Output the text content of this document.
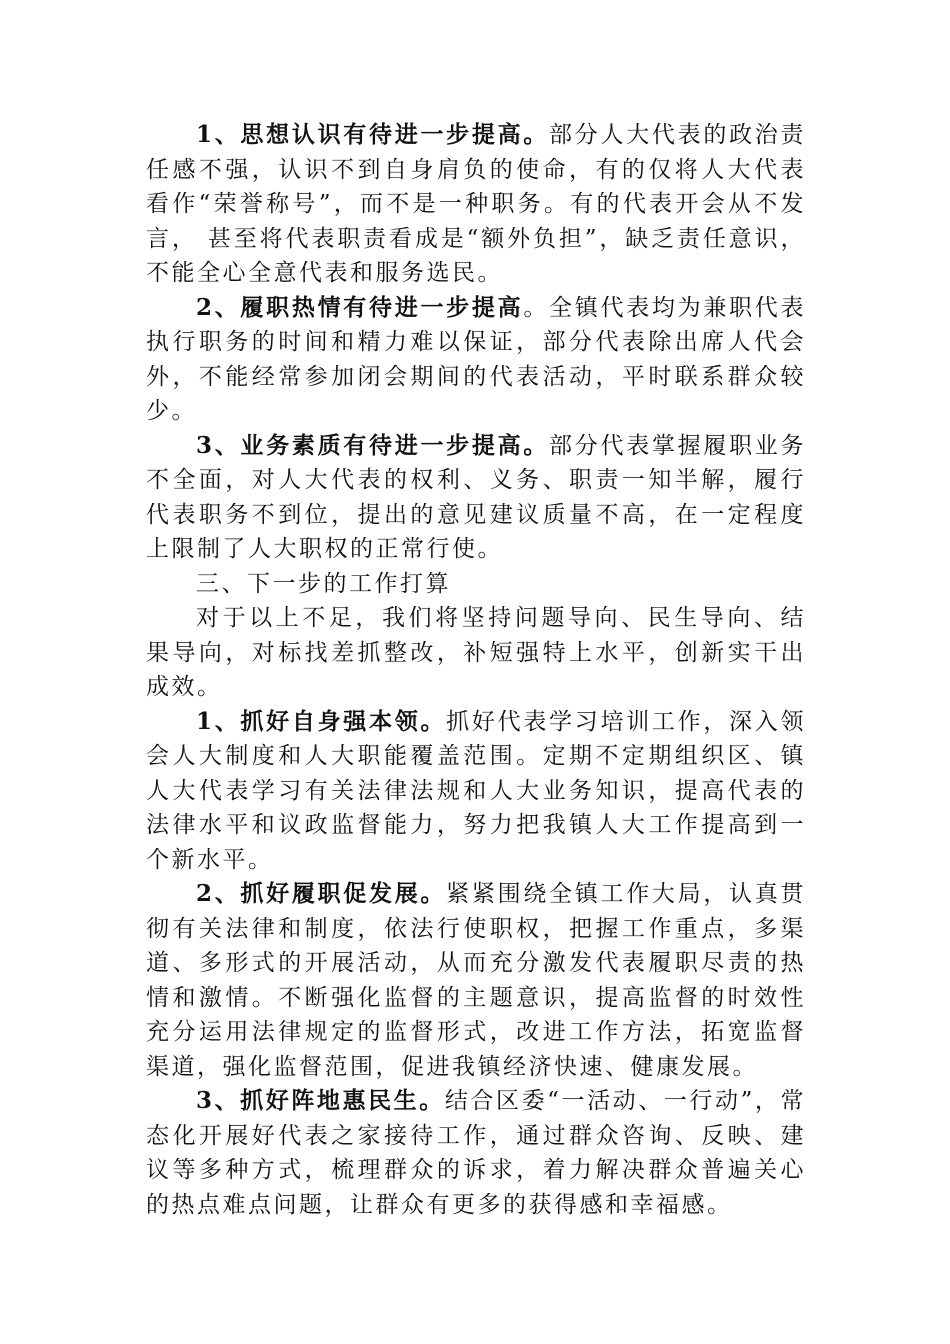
1、思想认识有待进一步提高。部分人大代表的政治责任感不强，认识不到自身肩负的使命，有的仅将人大代表看作“荣誉称号”，而不是一种职务。有的代表开会从不发言， 甚至将代表职责看成是“额外负担”，缺乏责任意识，不能全心全意代表和服务选民。

2、履职热情有待进一步提高。全镇代表均为兼职代表执行职务的时间和精力难以保证，部分代表除出席人代会外，不能经常参加闭会期间的代表活动，平时联系群众较少。

3、业务素质有待进一步提高。部分代表掌握履职业务不全面，对人大代表的权利、义务、职责一知半解，履行代表职务不到位，提出的意见建议质量不高，在一定程度上限制了人大职权的正常行使。

三、下一步的工作打算

对于以上不足，我们将坚持问题导向、民生导向、结果导向，对标找差抓整改，补短强特上水平，创新实干出成效。

1、抓好自身强本领。抓好代表学习培训工作，深入领会人大制度和人大职能覆盖范围。定期不定期组织区、镇人大代表学习有关法律法规和人大业务知识，提高代表的法律水平和议政监督能力，努力把我镇人大工作提高到一个新水平。

2、抓好履职促发展。紧紧围绕全镇工作大局，认真贯彻有关法律和制度，依法行使职权，把握工作重点，多渠道、多形式的开展活动，从而充分激发代表履职尽责的热情和激情。不断强化监督的主题意识，提高监督的时效性充分运用法律规定的监督形式，改进工作方法，拓宽监督渠道，强化监督范围，促进我镇经济快速、健康发展。

3、抓好阵地惠民生。结合区委“一活动、一行动”，常态化开展好代表之家接待工作，通过群众咨询、反映、建议等多种方式，梳理群众的诉求，着力解决群众普遍关心的热点难点问题，让群众有更多的获得感和幸福感。
